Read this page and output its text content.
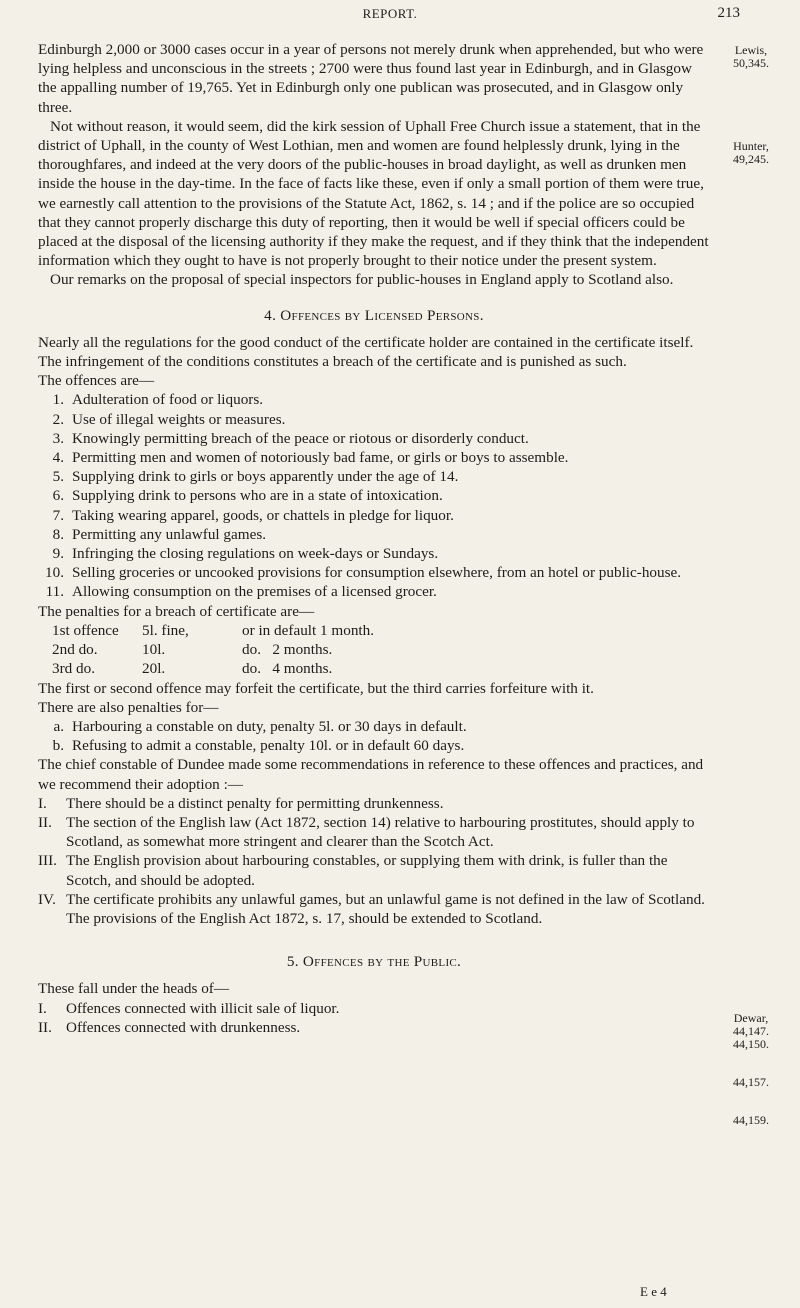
REPORT.	213

Edinburgh 2,000 or 3000 cases occur in a year of persons not merely drunk when apprehended, but who were lying helpless and unconscious in the streets ; 2700 were thus found last year in Edinburgh, and in Glasgow the appalling number of 19,765. Yet in Edinburgh only one publican was prosecuted, and in Glasgow only three.

Not without reason, it would seem, did the kirk session of Uphall Free Church issue a statement, that in the district of Uphall, in the county of West Lothian, men and women are found helplessly drunk, lying in the thoroughfares, and indeed at the very doors of the public-houses in broad daylight, as well as drunken men inside the house in the day-time. In the face of facts like these, even if only a small portion of them were true, we earnestly call attention to the provisions of the Statute Act, 1862, s. 14 ; and if the police are so occupied that they cannot properly discharge this duty of reporting, then it would be well if special officers could be placed at the disposal of the licensing authority if they make the request, and if they think that the independent information which they ought to have is not properly brought to their notice under the present system.

Our remarks on the proposal of special inspectors for public-houses in England apply to Scotland also.

4. Offences by Licensed Persons.

Nearly all the regulations for the good conduct of the certificate holder are contained in the certificate itself. The infringement of the conditions constitutes a breach of the certificate and is punished as such.

The offences are—

1. Adulteration of food or liquors.
2. Use of illegal weights or measures.
3. Knowingly permitting breach of the peace or riotous or disorderly conduct.
4. Permitting men and women of notoriously bad fame, or girls or boys to assemble.
5. Supplying drink to girls or boys apparently under the age of 14.
6. Supplying drink to persons who are in a state of intoxication.
7. Taking wearing apparel, goods, or chattels in pledge for liquor.
8. Permitting any unlawful games.
9. Infringing the closing regulations on week-days or Sundays.
10. Selling groceries or uncooked provisions for consumption elsewhere, from an hotel or public-house.
11. Allowing consumption on the premises of a licensed grocer.

The penalties for a breach of certificate are—

1st offence 5l. fine,	or in default 1 month.
2nd do.	10l.	do.   2 months.
3rd do.	20l.	do.   4 months.

The first or second offence may forfeit the certificate, but the third carries forfeiture with it.

There are also penalties for—

a. Harbouring a constable on duty, penalty 5l. or 30 days in default.
b. Refusing to admit a constable, penalty 10l. or in default 60 days.

The chief constable of Dundee made some recommendations in reference to these offences and practices, and we recommend their adoption :—

I.	There should be a distinct penalty for permitting drunkenness.
II. The section of the English law (Act 1872, section 14) relative to harbouring prostitutes, should apply to Scotland, as somewhat more stringent and clearer than the Scotch Act.
III. The English provision about harbouring constables, or supplying them with drink, is fuller than the Scotch, and should be adopted.
IV. The certificate prohibits any unlawful games, but an unlawful game is not defined in the law of Scotland. The provisions of the English Act 1872, s. 17, should be extended to Scotland.

5. Offences by the Public.

These fall under the heads of—

I.	Offences connected with illicit sale of liquor.
II. Offences connected with drunkenness.
Lewis,
50,345.
Hunter,
49,245.
Dewar,
44,147. 44,150.
44,157.
44,159.
E e 4
